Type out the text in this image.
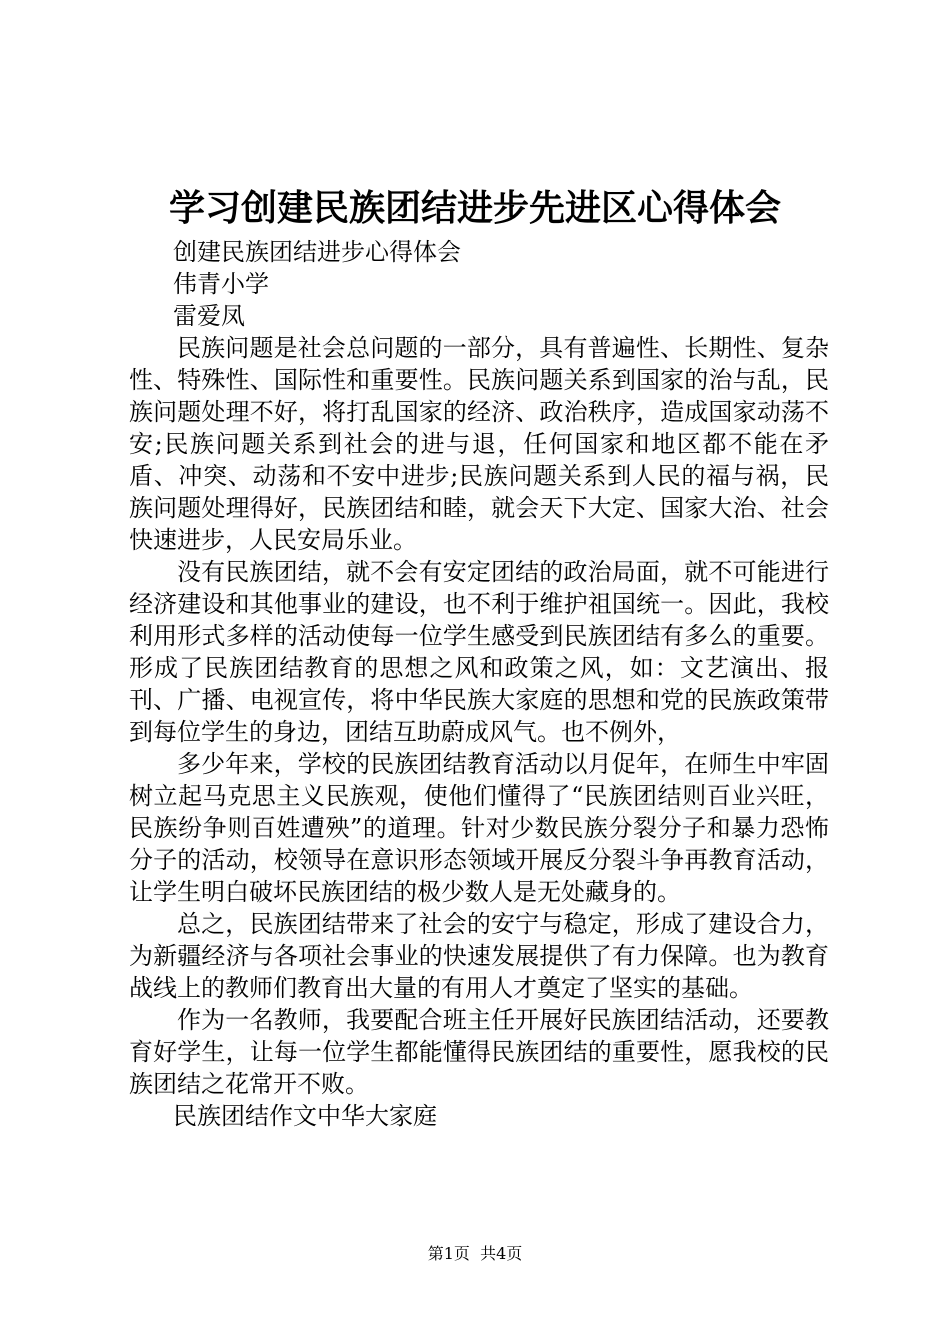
学习创建民族团结进步先进区心得体会

创建民族团结进步心得体会

伟青小学

雷爱凤

民族问题是社会总问题的一部分，具有普遍性、长期性、复杂性、特殊性、国际性和重要性。民族问题关系到国家的治与乱，民族问题处理不好，将打乱国家的经济、政治秩序，造成国家动荡不安;民族问题关系到社会的进与退，任何国家和地区都不能在矛盾、冲突、动荡和不安中进步;民族问题关系到人民的福与祸，民族问题处理得好，民族团结和睦，就会天下大定、国家大治、社会快速进步，人民安局乐业。

没有民族团结，就不会有安定团结的政治局面，就不可能进行经济建设和其他事业的建设，也不利于维护祖国统一。因此，我校利用形式多样的活动使每一位学生感受到民族团结有多么的重要。形成了民族团结教育的思想之风和政策之风，如：文艺演出、报刊、广播、电视宣传，将中华民族大家庭的思想和党的民族政策带到每位学生的身边，团结互助蔚成风气。也不例外，

多少年来，学校的民族团结教育活动以月促年，在师生中牢固树立起马克思主义民族观，使他们懂得了“民族团结则百业兴旺，民族纷争则百姓遭殃”的道理。针对少数民族分裂分子和暴力恐怖分子的活动，校领导在意识形态领域开展反分裂斗争再教育活动，让学生明白破坏民族团结的极少数人是无处藏身的。

总之，民族团结带来了社会的安宁与稳定，形成了建设合力，为新疆经济与各项社会事业的快速发展提供了有力保障。也为教育战线上的教师们教育出大量的有用人才奠定了坚实的基础。

作为一名教师，我要配合班主任开展好民族团结活动，还要教育好学生，让每一位学生都能懂得民族团结的重要性，愿我校的民族团结之花常开不败。

民族团结作文中华大家庭

第1页 共4页
